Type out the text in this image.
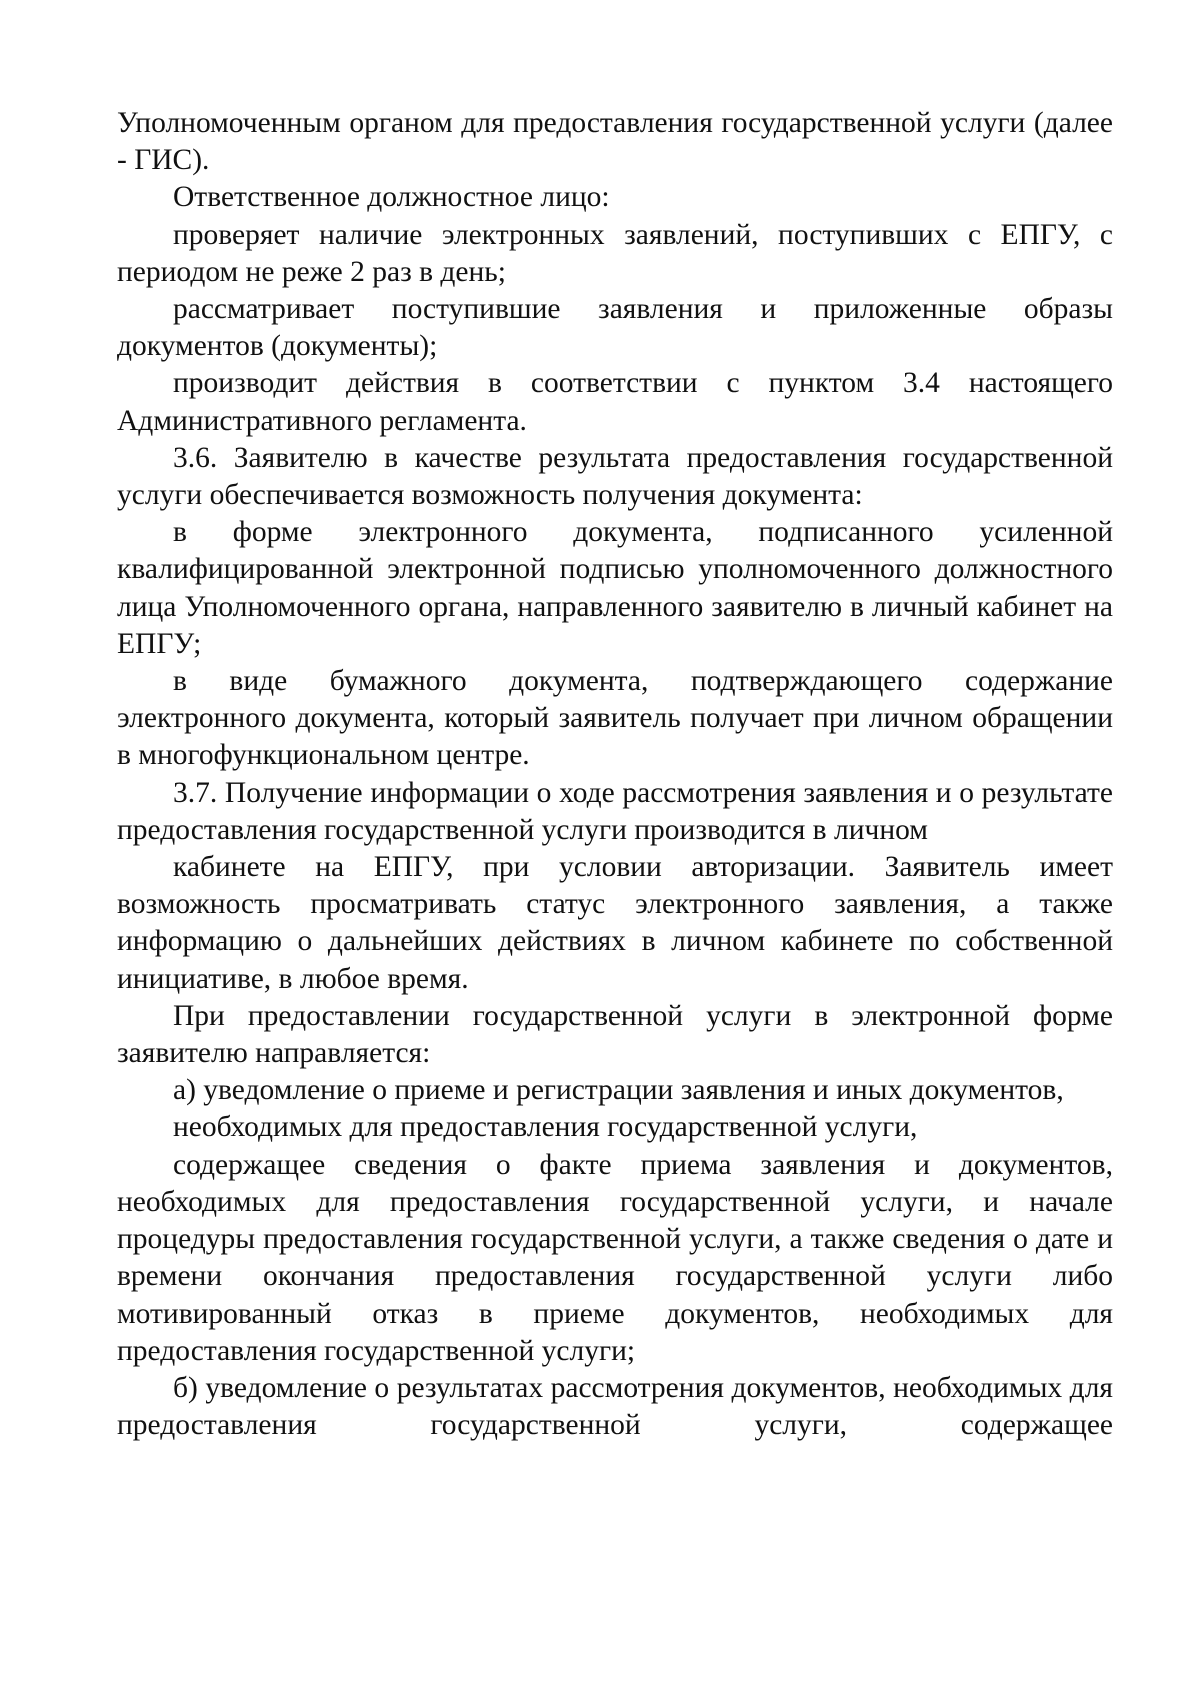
Уполномоченным органом для предоставления государственной услуги (далее - ГИС).

Ответственное должностное лицо:

проверяет наличие электронных заявлений, поступивших с ЕПГУ, с периодом не реже 2 раз в день;

рассматривает поступившие заявления и приложенные образы документов (документы);

производит действия в соответствии с пунктом 3.4 настоящего Административного регламента.

3.6. Заявителю в качестве результата предоставления государственной услуги обеспечивается возможность получения документа:

в форме электронного документа, подписанного усиленной квалифицированной электронной подписью уполномоченного должностного лица Уполномоченного органа, направленного заявителю в личный кабинет на ЕПГУ;

в виде бумажного документа, подтверждающего содержание электронного документа, который заявитель получает при личном обращении в многофункциональном центре.

3.7. Получение информации о ходе рассмотрения заявления и о результате предоставления государственной услуги производится в личном

кабинете на ЕПГУ, при условии авторизации. Заявитель имеет возможность просматривать статус электронного заявления, а также информацию о дальнейших действиях в личном кабинете по собственной инициативе, в любое время.

При предоставлении государственной услуги в электронной форме заявителю направляется:

а) уведомление о приеме и регистрации заявления и иных документов,

необходимых для предоставления государственной услуги,

содержащее сведения о факте приема заявления и документов, необходимых для предоставления государственной услуги, и начале процедуры предоставления государственной услуги, а также сведения о дате и времени окончания предоставления государственной услуги либо мотивированный отказ в приеме документов, необходимых для предоставления государственной услуги;

б) уведомление о результатах рассмотрения документов, необходимых для предоставления государственной услуги, содержащее
